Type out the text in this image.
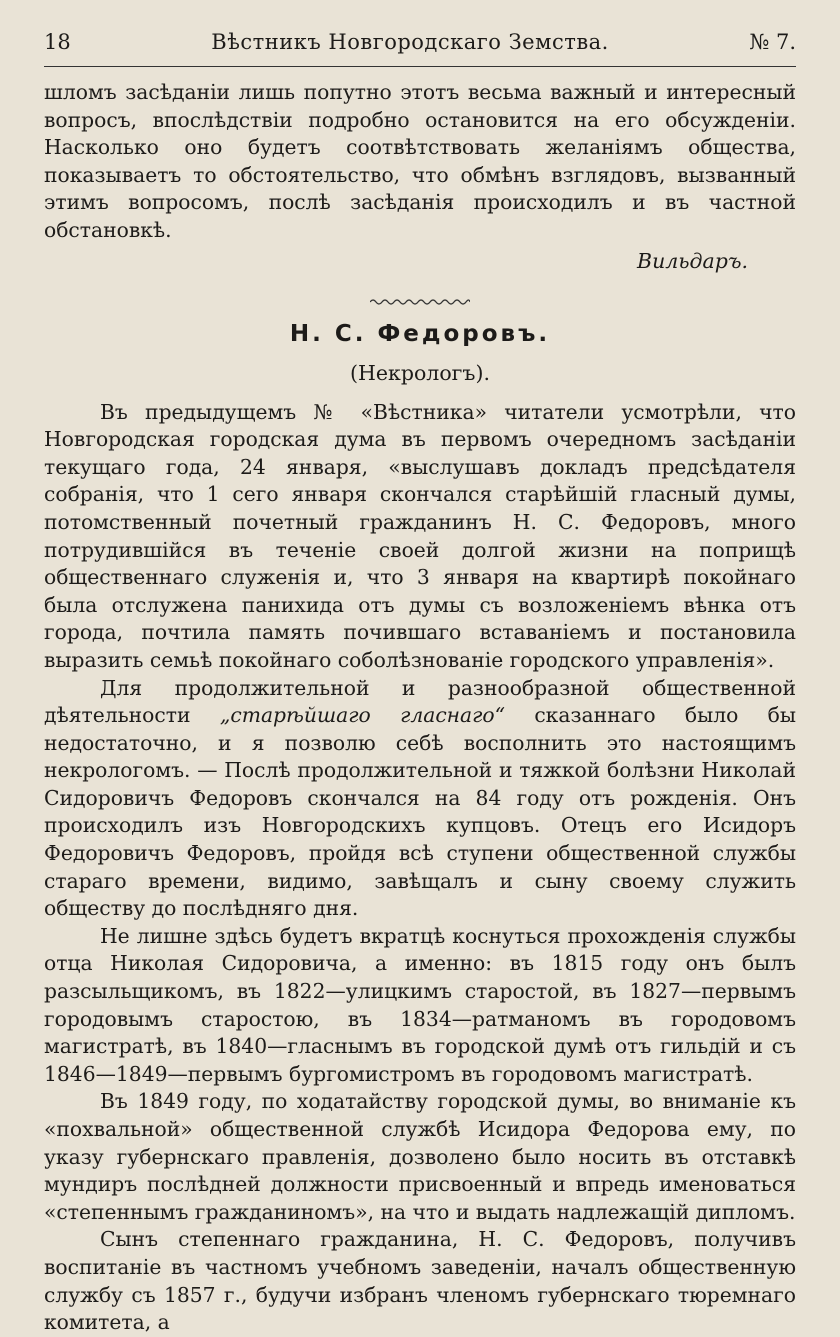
18	Вѣстникъ Новгородскаго Земства.	№ 7.

шломъ засѣданіи лишь попутно этотъ весьма важный и интересный вопросъ, впослѣдствіи подробно остановится на его обсужденіи. Насколько оно будетъ соотвѣтствовать желаніямъ общества, показываетъ то обстоятельство, что обмѣнъ взглядовъ, вызванный этимъ вопросомъ, послѣ засѣданія происходилъ и въ частной обстановкѣ.

Вильдаръ.
Н. С. Федоровъ.
(Некрологъ).

Въ предыдущемъ № «Вѣстника» читатели усмотрѣли, что Новгородская городская дума въ первомъ очередномъ засѣданіи текущаго года, 24 января, «выслушавъ докладъ предсѣдателя собранія, что 1 сего января скончался старѣйшій гласный думы, потомственный почетный гражданинъ Н. С. Федоровъ, много потрудившійся въ теченіе своей долгой жизни на поприщѣ общественнаго служенія и, что 3 января на квартирѣ покойнаго была отслужена панихида отъ думы съ возложеніемъ вѣнка отъ города, почтила память почившаго вставаніемъ и постановила выразить семьѣ покойнаго соболѣзнованіе городского управленія».

Для продолжительной и разнообразной общественной дѣятельности „старѣйшаго гласнаго“ сказаннаго было бы недостаточно, и я позволю себѣ восполнить это настоящимъ некрологомъ. — Послѣ продолжительной и тяжкой болѣзни Николай Сидоровичъ Федоровъ скончался на 84 году отъ рожденія. Онъ происходилъ изъ Новгородскихъ купцовъ. Отецъ его Исидоръ Федоровичъ Федоровъ, пройдя всѣ ступени общественной службы стараго времени, видимо, завѣщалъ и сыну своему служить обществу до послѣдняго дня.

Не лишне здѣсь будетъ вкратцѣ коснуться прохожденія службы отца Николая Сидоровича, а именно: въ 1815 году онъ былъ разсыльщикомъ, въ 1822—улицкимъ старостой, въ 1827—первымъ городовымъ старостою, въ 1834—ратманомъ въ городовомъ магистратѣ, въ 1840—гласнымъ въ городской думѣ отъ гильдій и съ 1846—1849—первымъ бургомистромъ въ городовомъ магистратѣ.

Въ 1849 году, по ходатайству городской думы, во вниманіе къ «похвальной» общественной службѣ Исидора Федорова ему, по указу губернскаго правленія, дозволено было носить въ отставкѣ мундиръ послѣдней должности присвоенный и впредь именоваться «степеннымъ гражданиномъ», на что и выдать надлежащій дипломъ.

Сынъ степеннаго гражданина, Н. С. Федоровъ, получивъ воспитаніе въ частномъ учебномъ заведеніи, началъ общественную службу съ 1857 г., будучи избранъ членомъ губернскаго тюремнаго комитета, а
